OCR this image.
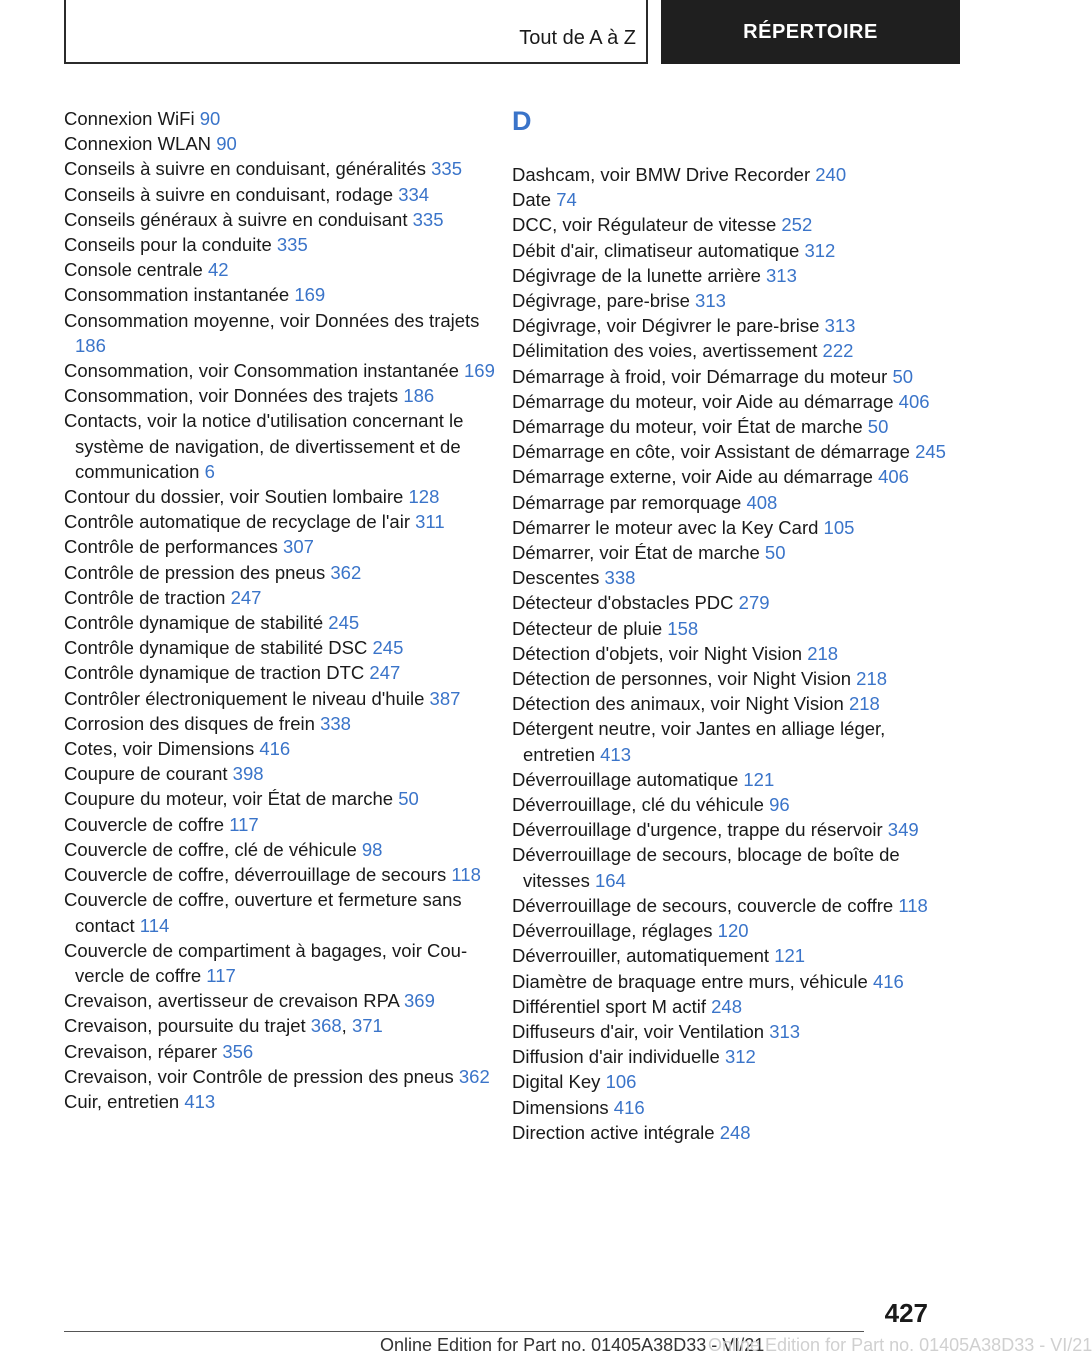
Tout de A à Z	RÉPERTOIRE
Connexion WiFi 90
Connexion WLAN 90
Conseils à suivre en conduisant, généralités 335
Conseils à suivre en conduisant, rodage 334
Conseils généraux à suivre en conduisant 335
Conseils pour la conduite 335
Console centrale 42
Consommation instantanée 169
Consommation moyenne, voir Données des trajets 186
Consommation, voir Consommation instantanée 169
Consommation, voir Données des trajets 186
Contacts, voir la notice d'utilisation concernant le système de navigation, de divertissement et de communication 6
Contour du dossier, voir Soutien lombaire 128
Contrôle automatique de recyclage de l'air 311
Contrôle de performances 307
Contrôle de pression des pneus 362
Contrôle de traction 247
Contrôle dynamique de stabilité 245
Contrôle dynamique de stabilité DSC 245
Contrôle dynamique de traction DTC 247
Contrôler électroniquement le niveau d'huile 387
Corrosion des disques de frein 338
Cotes, voir Dimensions 416
Coupure de courant 398
Coupure du moteur, voir État de marche 50
Couvercle de coffre 117
Couvercle de coffre, clé de véhicule 98
Couvercle de coffre, déverrouillage de secours 118
Couvercle de coffre, ouverture et fermeture sans contact 114
Couvercle de compartiment à bagages, voir Couvercle de coffre 117
Crevaison, avertisseur de crevaison RPA 369
Crevaison, poursuite du trajet 368, 371
Crevaison, réparer 356
Crevaison, voir Contrôle de pression des pneus 362
Cuir, entretien 413
D
Dashcam, voir BMW Drive Recorder 240
Date 74
DCC, voir Régulateur de vitesse 252
Débit d'air, climatiseur automatique 312
Dégivrage de la lunette arrière 313
Dégivrage, pare-brise 313
Dégivrage, voir Dégivrer le pare-brise 313
Délimitation des voies, avertissement 222
Démarrage à froid, voir Démarrage du moteur 50
Démarrage du moteur, voir Aide au démarrage 406
Démarrage du moteur, voir État de marche 50
Démarrage en côte, voir Assistant de démarrage 245
Démarrage externe, voir Aide au démarrage 406
Démarrage par remorquage 408
Démarrer le moteur avec la Key Card 105
Démarrer, voir État de marche 50
Descentes 338
Détecteur d'obstacles PDC 279
Détecteur de pluie 158
Détection d'objets, voir Night Vision 218
Détection de personnes, voir Night Vision 218
Détection des animaux, voir Night Vision 218
Détergent neutre, voir Jantes en alliage léger, entretien 413
Déverrouillage automatique 121
Déverrouillage, clé du véhicule 96
Déverrouillage d'urgence, trappe du réservoir 349
Déverrouillage de secours, blocage de boîte de vitesses 164
Déverrouillage de secours, couvercle de coffre 118
Déverrouillage, réglages 120
Déverrouiller, automatiquement 121
Diamètre de braquage entre murs, véhicule 416
Différentiel sport M actif 248
Diffuseurs d'air, voir Ventilation 313
Diffusion d'air individuelle 312
Digital Key 106
Dimensions 416
Direction active intégrale 248
427
Online Edition for Part no. 01405A38D33 - VI/21
Online Edition for Part no. 01405A38D33 - VI/21
